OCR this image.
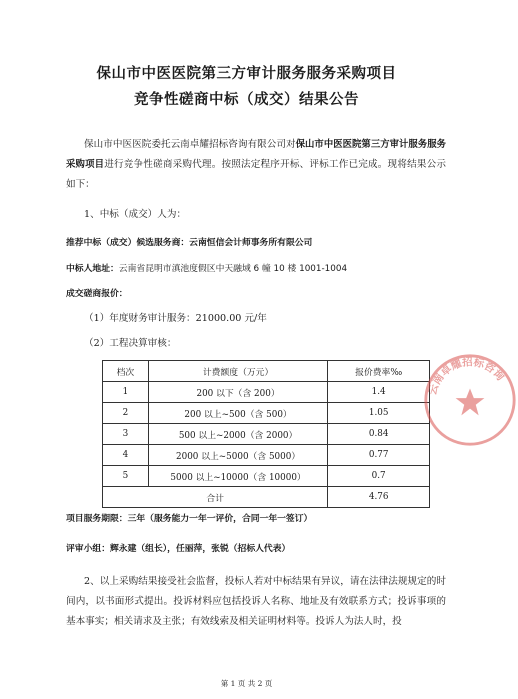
保山市中医医院第三方审计服务服务采购项目
竞争性磋商中标（成交）结果公告
保山市中医医院委托云南卓耀招标咨询有限公司对保山市中医医院第三方审计服务服务采购项目进行竞争性磋商采购代理。按照法定程序开标、评标工作已完成。现将结果公示如下：
1、中标（成交）人为：
推荐中标（成交）候选服务商：云南恒信会计师事务所有限公司
中标人地址：云南省昆明市滇池度假区中天融域 6 幢 10 楼 1001-1004
成交磋商报价：
（1）年度财务审计服务：21000.00 元/年
（2）工程决算审核：
档次	计费额度（万元）	报价费率‰
1	200 以下（含 200）	1.4
2	200 以上~500（含 500）	1.05
3	500 以上~2000（含 2000）	0.84
4	2000 以上~5000（含 5000）	0.77
5	5000 以上~10000（含 10000）	0.7
合计		4.76
项目服务期限：三年（服务能力一年一评价，合同一年一签订）
评审小组：辉永建（组长），任丽萍，张锐（招标人代表）
2、以上采购结果接受社会监督，投标人若对中标结果有异议，请在法律法规规定的时间内，以书面形式提出。投诉材料应包括投诉人名称、地址及有效联系方式；投诉事项的基本事实；相关请求及主张；有效线索及相关证明材料等。投诉人为法人时，投
第 1 页 共 2 页
云南卓耀招标咨询
